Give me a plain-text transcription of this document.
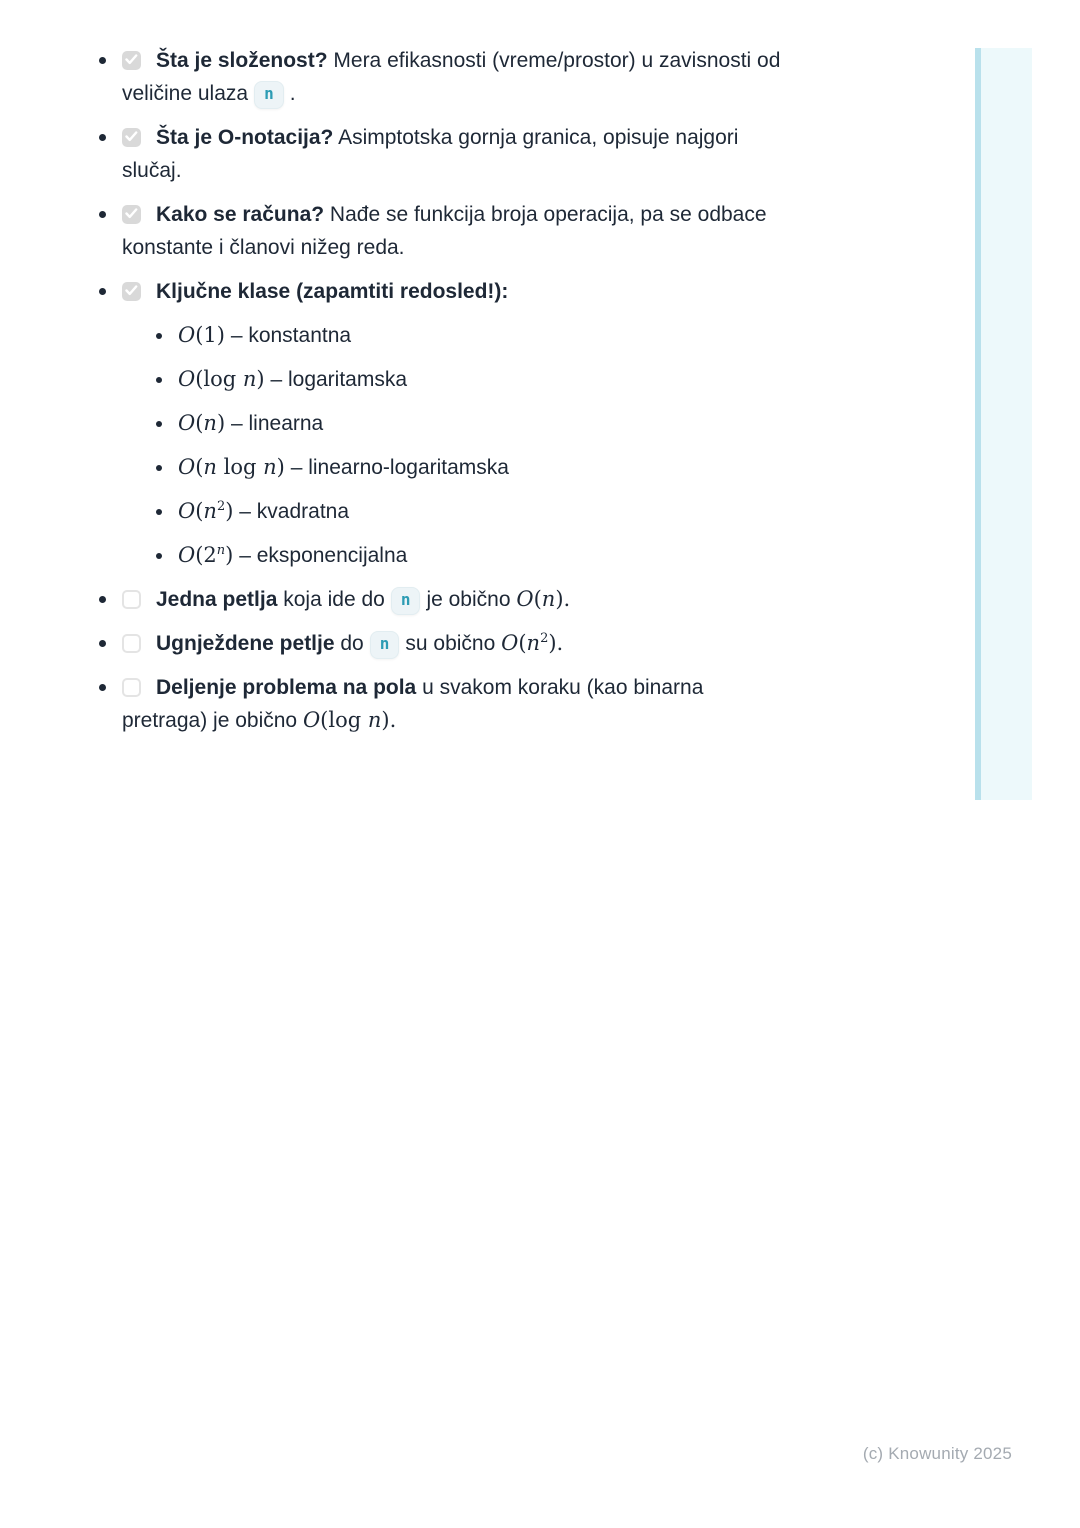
Šta je složenost? Mera efikasnosti (vreme/prostor) u zavisnosti od veličine ulaza n .
Šta je O-notacija? Asimptotska gornja granica, opisuje najgori slučaj.
Kako se računa? Nađe se funkcija broja operacija, pa se odbace konstante i članovi nižeg reda.
Ključne klase (zapamtiti redosled!):
O(1) – konstantna
O(log n) – logaritamska
O(n) – linearna
O(n log n) – linearno-logaritamska
$O(n^2)$ – kvadratna
O(2$^n$) – eksponencijalna
Jedna petlja koja ide do n je obično O(n).
Ugnježdene petlje do n su obično $O(n^2)$.
Deljenje problema na pola u svakom koraku (kao binarna pretraga) je obično O(log n).
(c) Knowunity 2025
